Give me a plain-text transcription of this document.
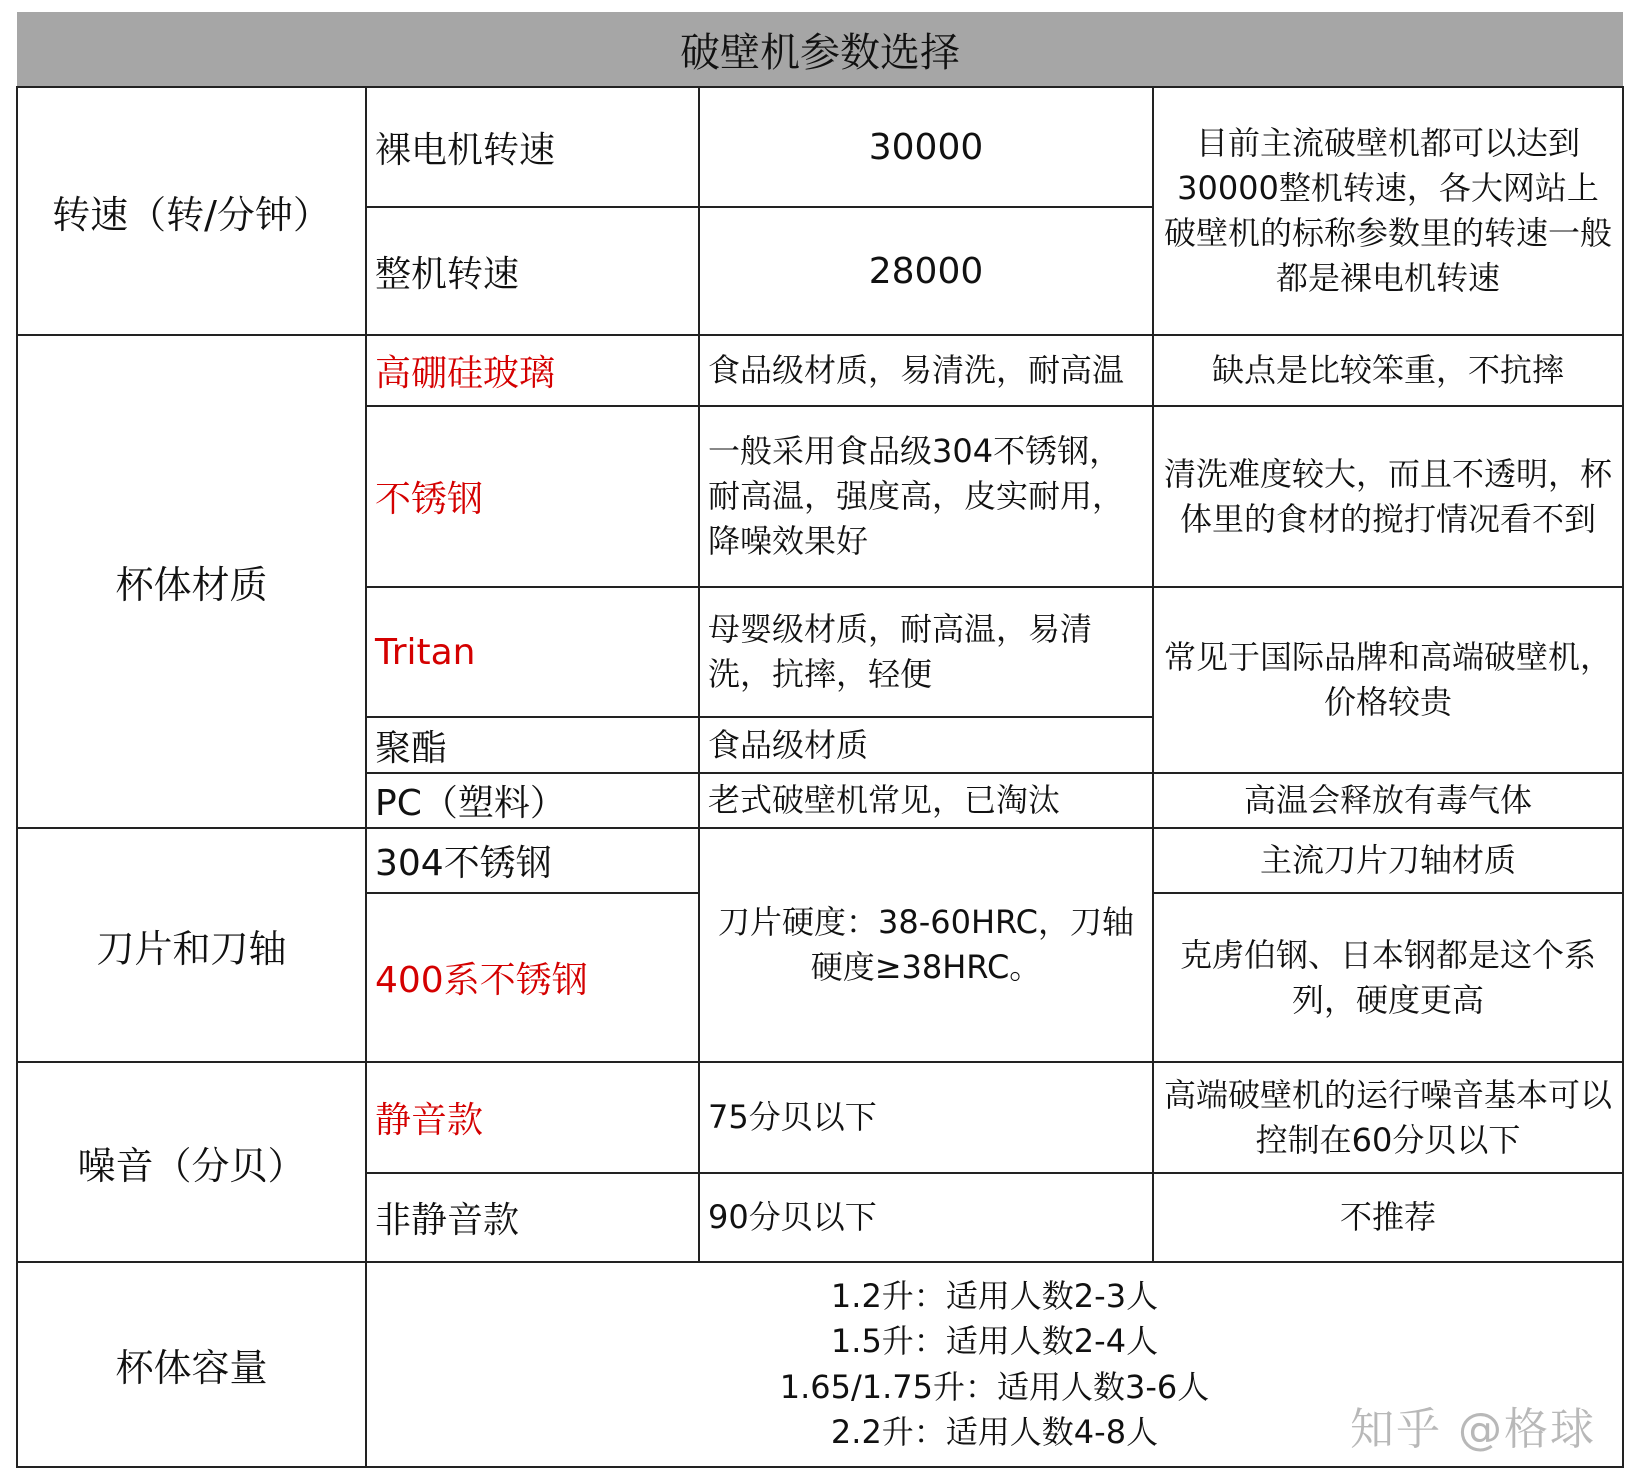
破壁机参数选择			
转速（转/分钟）	裸电机转速	30000	目前主流破壁机都可以达到30000整机转速，各大网站上破壁机的标称参数里的转速一般都是裸电机转速
	整机转速	28000	
杯体材质	高硼硅玻璃	食品级材质，易清洗，耐高温	缺点是比较笨重，不抗摔
	不锈钢	一般采用食品级304不锈钢，耐高温，强度高，皮实耐用，降噪效果好	清洗难度较大，而且不透明，杯体里的食材的搅打情况看不到
	Tritan	母婴级材质，耐高温，易清洗，抗摔，轻便	常见于国际品牌和高端破壁机，价格较贵
	聚酯	食品级材质	
	PC（塑料）	老式破壁机常见，已淘汰	高温会释放有毒气体
刀片和刀轴	304不锈钢	刀片硬度：38-60HRC，刀轴硬度≥38HRC。	主流刀片刀轴材质
	400系不锈钢		克虏伯钢、日本钢都是这个系列，硬度更高
噪音（分贝）	静音款	75分贝以下	高端破壁机的运行噪音基本可以控制在60分贝以下
	非静音款	90分贝以下	不推荐
杯体容量	1.2升：适用人数2-3人
1.5升：适用人数2-4人
1.65/1.75升：适用人数3-6人
2.2升：适用人数4-8人			知乎 @格球
